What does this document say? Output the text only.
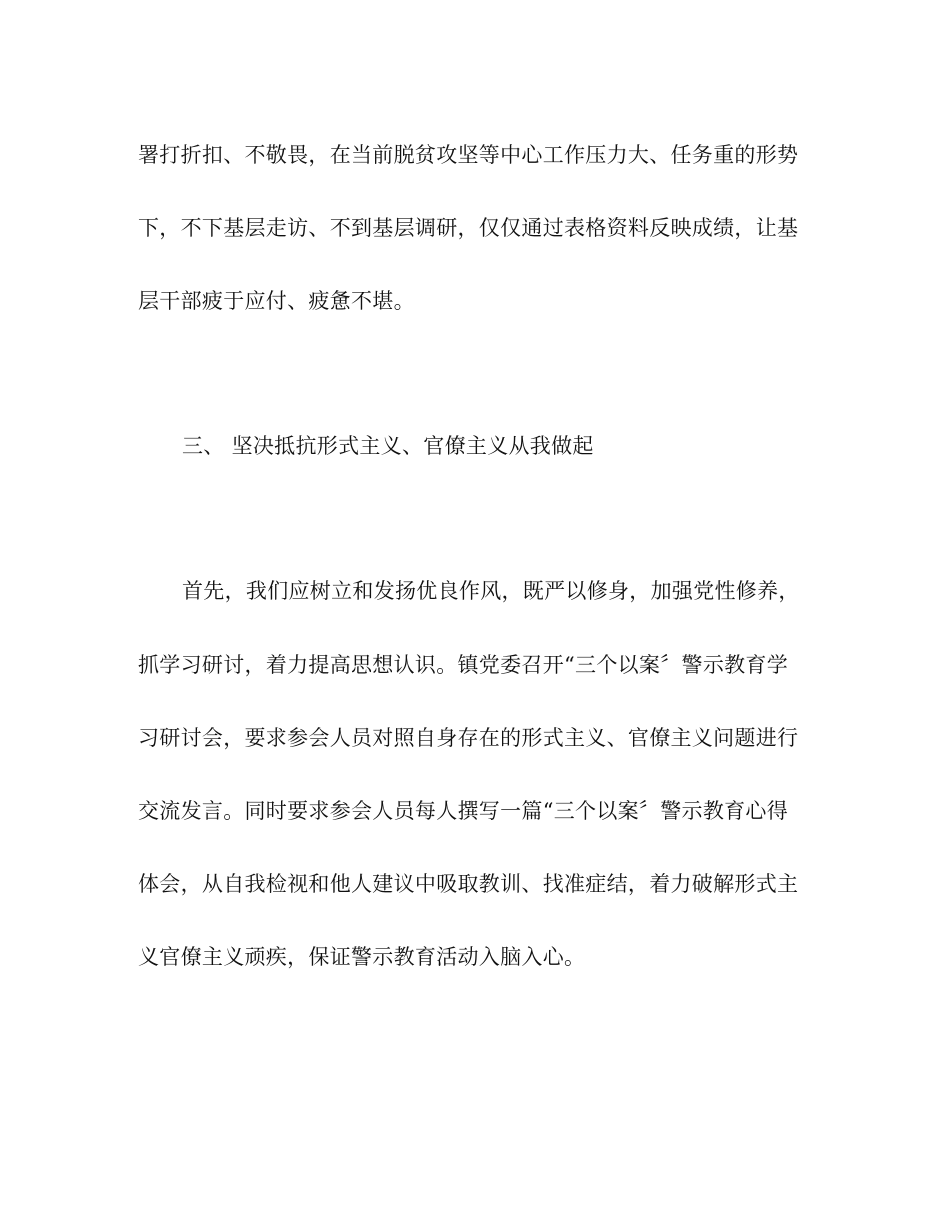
署打折扣、不敬畏，在当前脱贫攻坚等中心工作压力大、任务重的形势
下，不下基层走访、不到基层调研，仅仅通过表格资料反映成绩，让基
层干部疲于应付、疲惫不堪。
三、 坚决抵抗形式主义、官僚主义从我做起
首先，我们应树立和发扬优良作风，既严以修身，加强党性修养，
抓学习研讨，着力提高思想认识。镇党委召开“三个以案〞警示教育学
习研讨会，要求参会人员对照自身存在的形式主义、官僚主义问题进行
交流发言。同时要求参会人员每人撰写一篇“三个以案〞警示教育心得
体会，从自我检视和他人建议中吸取教训、找准症结，着力破解形式主
义官僚主义顽疾，保证警示教育活动入脑入心。
